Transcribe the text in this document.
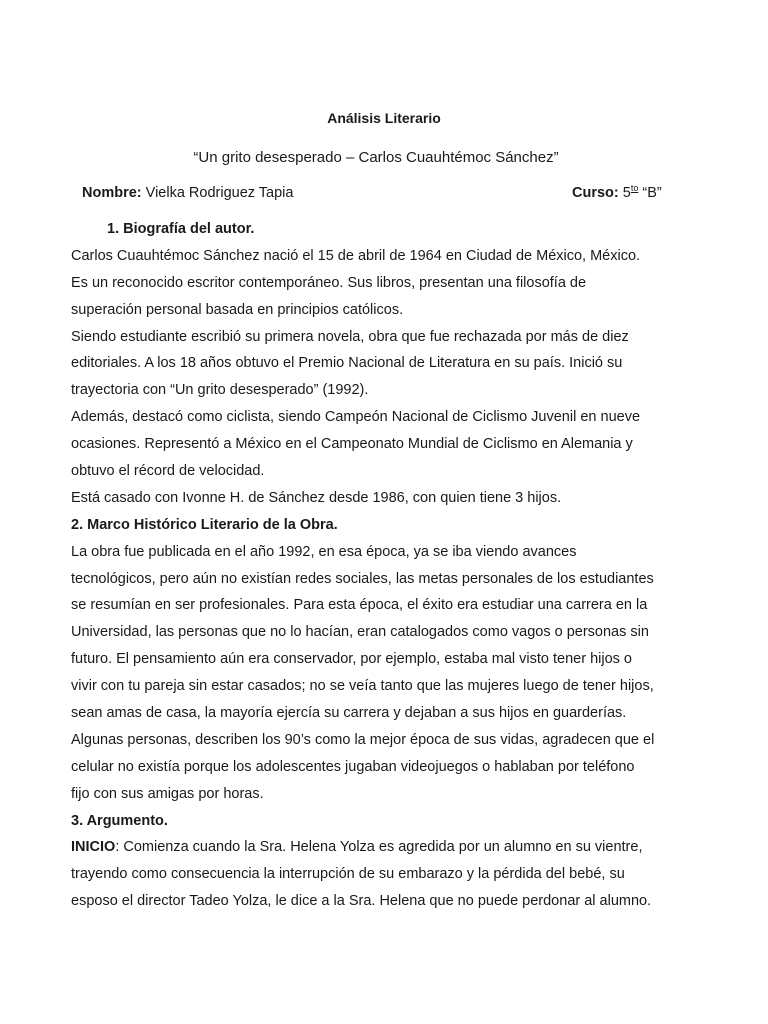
Análisis Literario
“Un grito desesperado – Carlos Cuauhtémoc Sánchez”
Nombre: Vielka Rodriguez Tapia	Curso: $5^{to}$ “B”
1. Biografía del autor.
Carlos Cuauhtémoc Sánchez nació el 15 de abril de 1964 en Ciudad de México, México.
Es un reconocido escritor contemporáneo. Sus libros, presentan una filosofía de
superación personal basada en principios católicos.
Siendo estudiante escribió su primera novela, obra que fue rechazada por más de diez
editoriales. A los 18 años obtuvo el Premio Nacional de Literatura en su país. Inició su
trayectoria con “Un grito desesperado” (1992).
Además, destacó como ciclista, siendo Campeón Nacional de Ciclismo Juvenil en nueve
ocasiones. Representó a México en el Campeonato Mundial de Ciclismo en Alemania y
obtuvo el récord de velocidad.
Está casado con Ivonne H. de Sánchez desde 1986, con quien tiene 3 hijos.
2. Marco Histórico Literario de la Obra.
La obra fue publicada en el año 1992, en esa época, ya se iba viendo avances
tecnológicos, pero aún no existían redes sociales, las metas personales de los estudiantes
se resumían en ser profesionales. Para esta época, el éxito era estudiar una carrera en la
Universidad, las personas que no lo hacían, eran catalogados como vagos o personas sin
futuro. El pensamiento aún era conservador, por ejemplo, estaba mal visto tener hijos o
vivir con tu pareja sin estar casados; no se veía tanto que las mujeres luego de tener hijos,
sean amas de casa, la mayoría ejercía su carrera y dejaban a sus hijos en guarderías.
Algunas personas, describen los 90’s como la mejor época de sus vidas, agradecen que el
celular no existía porque los adolescentes jugaban videojuegos o hablaban por teléfono
fijo con sus amigas por horas.
3. Argumento.
INICIO: Comienza cuando la Sra. Helena Yolza es agredida por un alumno en su vientre,
trayendo como consecuencia la interrupción de su embarazo y la pérdida del bebé, su
esposo el director Tadeo Yolza, le dice a la Sra. Helena que no puede perdonar al alumno.
